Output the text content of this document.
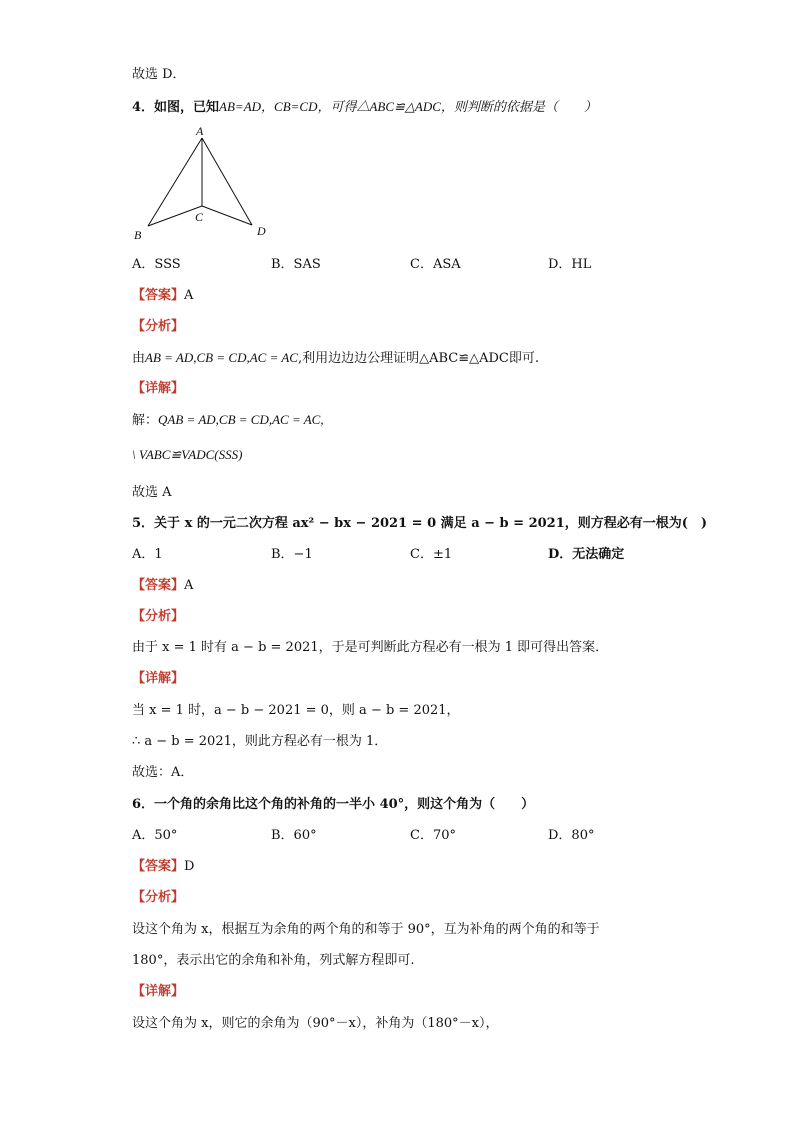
故选 D．
4．如图，已知AB=AD，CB=CD，可得△ABC≌△ADC，则判断的依据是（　　）
A
B
C
D
A．SSS	B．SAS	C．ASA	D．HL
【答案】A
【分析】
由AB = AD,CB = CD,AC = AC,利用边边边公理证明△ABC≌△ADC即可.
【详解】
解：QAB = AD,CB = CD,AC = AC,
\ VABC≌VADC(SSS)
故选 A
5．关于 x 的一元二次方程 ax² − bx − 2021 = 0 满足 a − b = 2021，则方程必有一根为(　)
A．1	B．−1	C．±1	D．无法确定
【答案】A
【分析】
由于 x = 1 时有 a − b = 2021，于是可判断此方程必有一根为 1 即可得出答案．
【详解】
当 x = 1 时，a − b − 2021 = 0，则 a − b = 2021，
∴ a − b = 2021，则此方程必有一根为 1．
故选：A．
6．一个角的余角比这个角的补角的一半小 40°，则这个角为（　　）
A．50°	B．60°	C．70°	D．80°
【答案】D
【分析】
设这个角为 x，根据互为余角的两个角的和等于 90°，互为补角的两个角的和等于
180°，表示出它的余角和补角，列式解方程即可.
【详解】
设这个角为 x，则它的余角为（90°－x），补角为（180°－x），
